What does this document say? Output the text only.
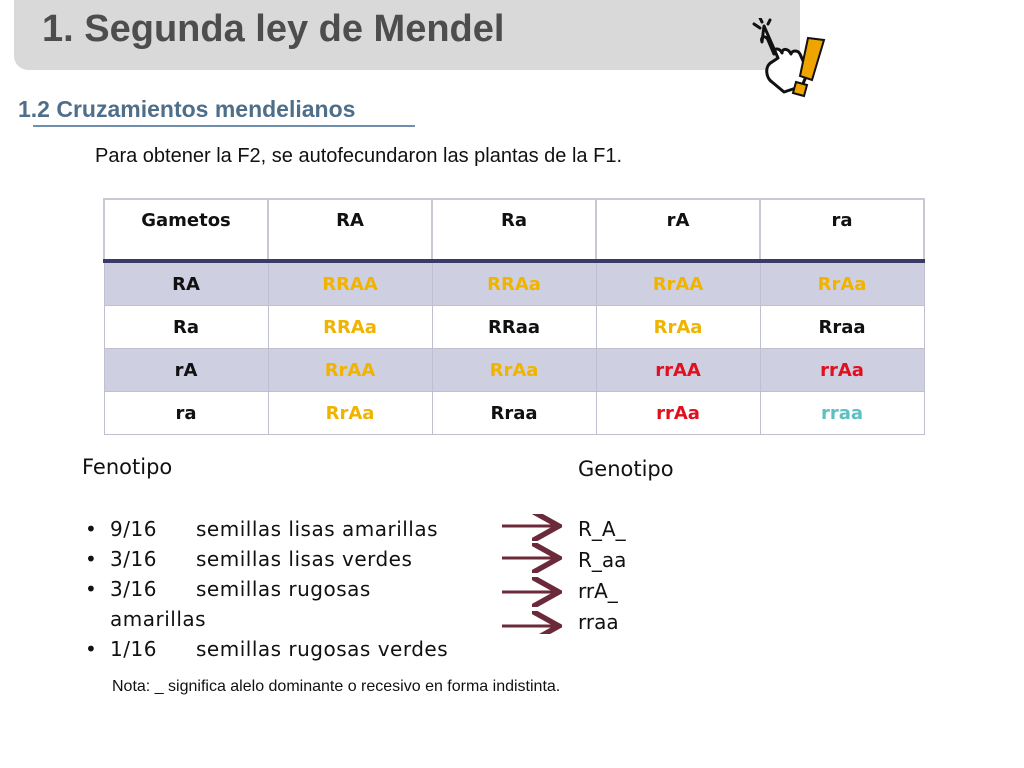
1. Segunda ley de Mendel
1.2 Cruzamientos mendelianos

Para obtener la F2, se autofecundaron las plantas de la F1.

Gametos	RA	Ra	rA	ra
RA	RRAA	RRAa	RrAA	RrAa
Ra	RRAa	RRaa	RrAa	Rraa
rA	RrAA	RrAa	rrAA	rrAa
ra	RrAa	Rraa	rrAa	rraa
Fenotipo
• 9/16 semillas lisas amarillas
• 3/16 semillas lisas verdes
• 3/16 semillas rugosas
amarillas
• 1/16 semillas rugosas verdes
Genotipo
R_A_
R_aa
rrA_
rraa

Nota: _ significa alelo dominante o recesivo en forma indistinta.
